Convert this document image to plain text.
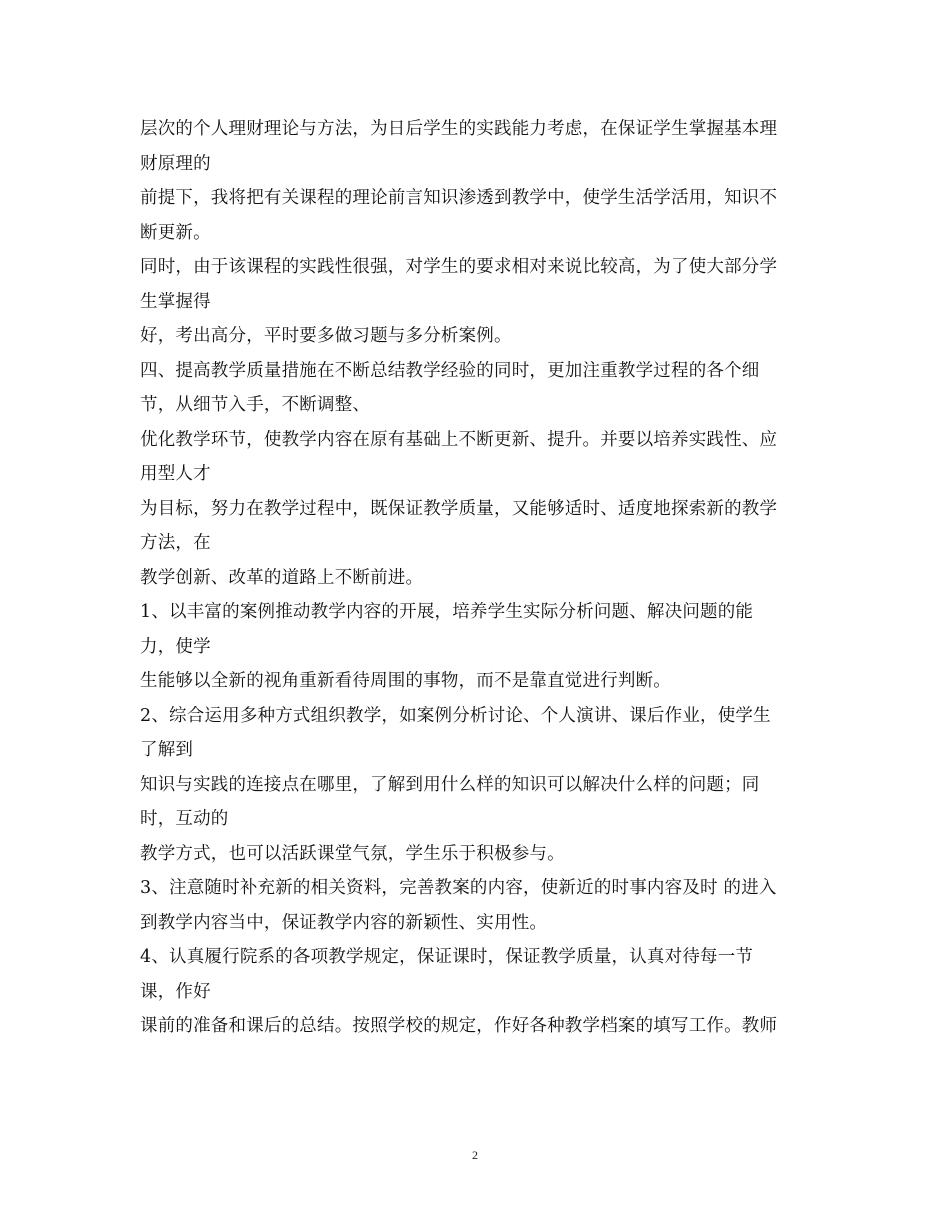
层次的个人理财理论与方法，为日后学生的实践能力考虑，在保证学生掌握基本理
财原理的
前提下，我将把有关课程的理论前言知识渗透到教学中，使学生活学活用，知识不
断更新。
同时，由于该课程的实践性很强，对学生的要求相对来说比较高，为了使大部分学
生掌握得
好，考出高分，平时要多做习题与多分析案例。
四、提高教学质量措施在不断总结教学经验的同时，更加注重教学过程的各个细
节，从细节入手，不断调整、
优化教学环节，使教学内容在原有基础上不断更新、提升。并要以培养实践性、应
用型人才
为目标，努力在教学过程中，既保证教学质量，又能够适时、适度地探索新的教学
方法，在
教学创新、改革的道路上不断前进。
1、以丰富的案例推动教学内容的开展，培养学生实际分析问题、解决问题的能
力，使学
生能够以全新的视角重新看待周围的事物，而不是靠直觉进行判断。
2、综合运用多种方式组织教学，如案例分析讨论、个人演讲、课后作业，使学生
了解到
知识与实践的连接点在哪里，了解到用什么样的知识可以解决什么样的问题；同
时，互动的
教学方式，也可以活跃课堂气氛，学生乐于积极参与。
3、注意随时补充新的相关资料，完善教案的内容，使新近的时事内容及时 的进入
到教学内容当中，保证教学内容的新颖性、实用性。
4、认真履行院系的各项教学规定，保证课时，保证教学质量，认真对待每一节
课，作好
课前的准备和课后的总结。按照学校的规定，作好各种教学档案的填写工作。教师
2
